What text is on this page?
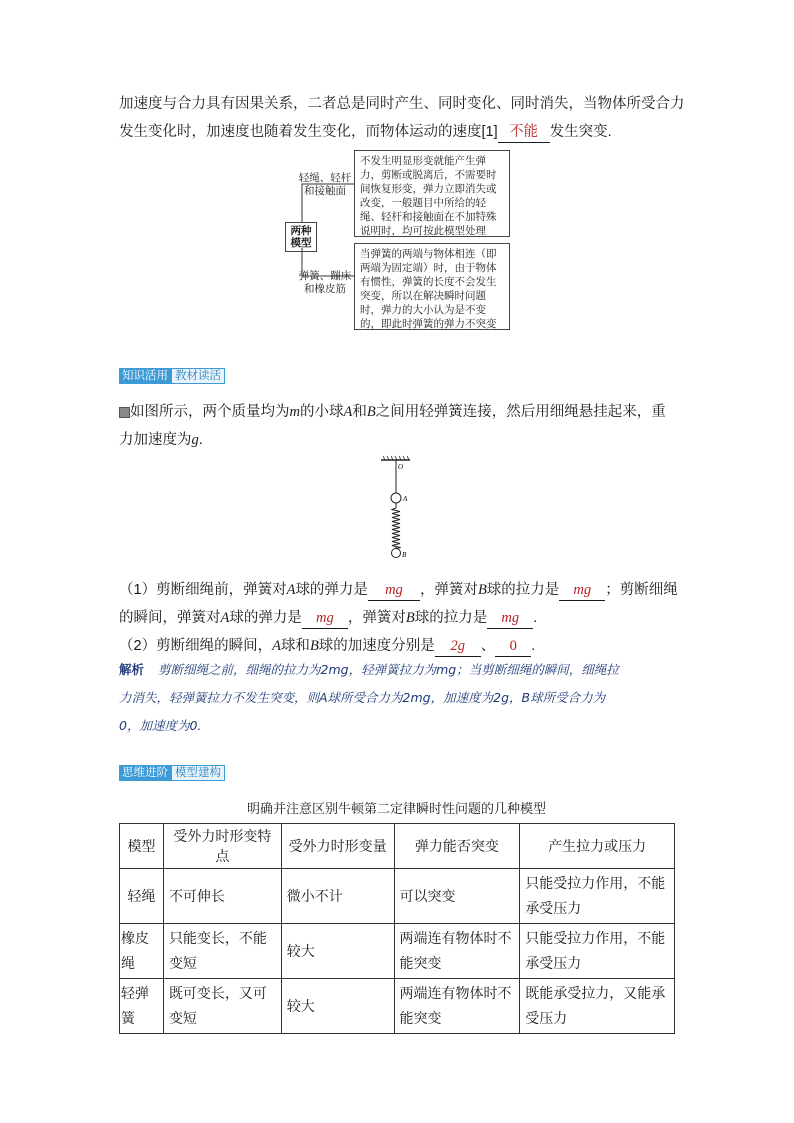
加速度与合力具有因果关系，二者总是同时产生、同时变化、同时消失，当物体所受合力
发生变化时，加速度也随着发生变化，而物体运动的速度[1] 不能 发生突变.
两种模型
轻绳、轻杆和接触面
弹簧、蹦床和橡皮筋
不发生明显形变就能产生弹力，剪断或脱离后，不需要时间恢复形变，弹力立即消失或改变，一般题目中所给的轻绳、轻杆和接触面在不加特殊说明时，均可按此模型处理
当弹簧的两端与物体相连（即两端为固定端）时，由于物体有惯性，弹簧的长度不会发生突变，所以在解决瞬时问题时，弹力的大小认为是不变的，即此时弹簧的弹力不突变
知识活用 教材读活
如图所示，两个质量均为m的小球A和B之间用轻弹簧连接，然后用细绳悬挂起来，重
力加速度为g.
O
A
B
（1）剪断细绳前，弹簧对A球的弹力是 mg ，弹簧对B球的拉力是 mg ；剪断细绳
的瞬间，弹簧对A球的弹力是 mg ，弹簧对B球的拉力是 mg .
（2）剪断细绳的瞬间，A球和B球的加速度分别是 2g 、 0 .
解析 剪断细绳之前，细绳的拉力为2mg，轻弹簧拉力为mg；当剪断细绳的瞬间，细绳拉
力消失，轻弹簧拉力不发生突变，则A球所受合力为2mg，加速度为2g，B球所受合力为
0，加速度为0.
思维进阶 模型建构
明确并注意区别牛顿第二定律瞬时性问题的几种模型
模型	受外力时形变特点	受外力时形变量	弹力能否突变	产生拉力或压力
轻绳	不可伸长	微小不计	可以突变	只能受拉力作用，不能承受压力
橡皮绳	只能变长，不能变短	较大	两端连有物体时不能突变	只能受拉力作用，不能承受压力
轻弹簧	既可变长，又可变短	较大	两端连有物体时不能突变	既能承受拉力，又能承受压力
